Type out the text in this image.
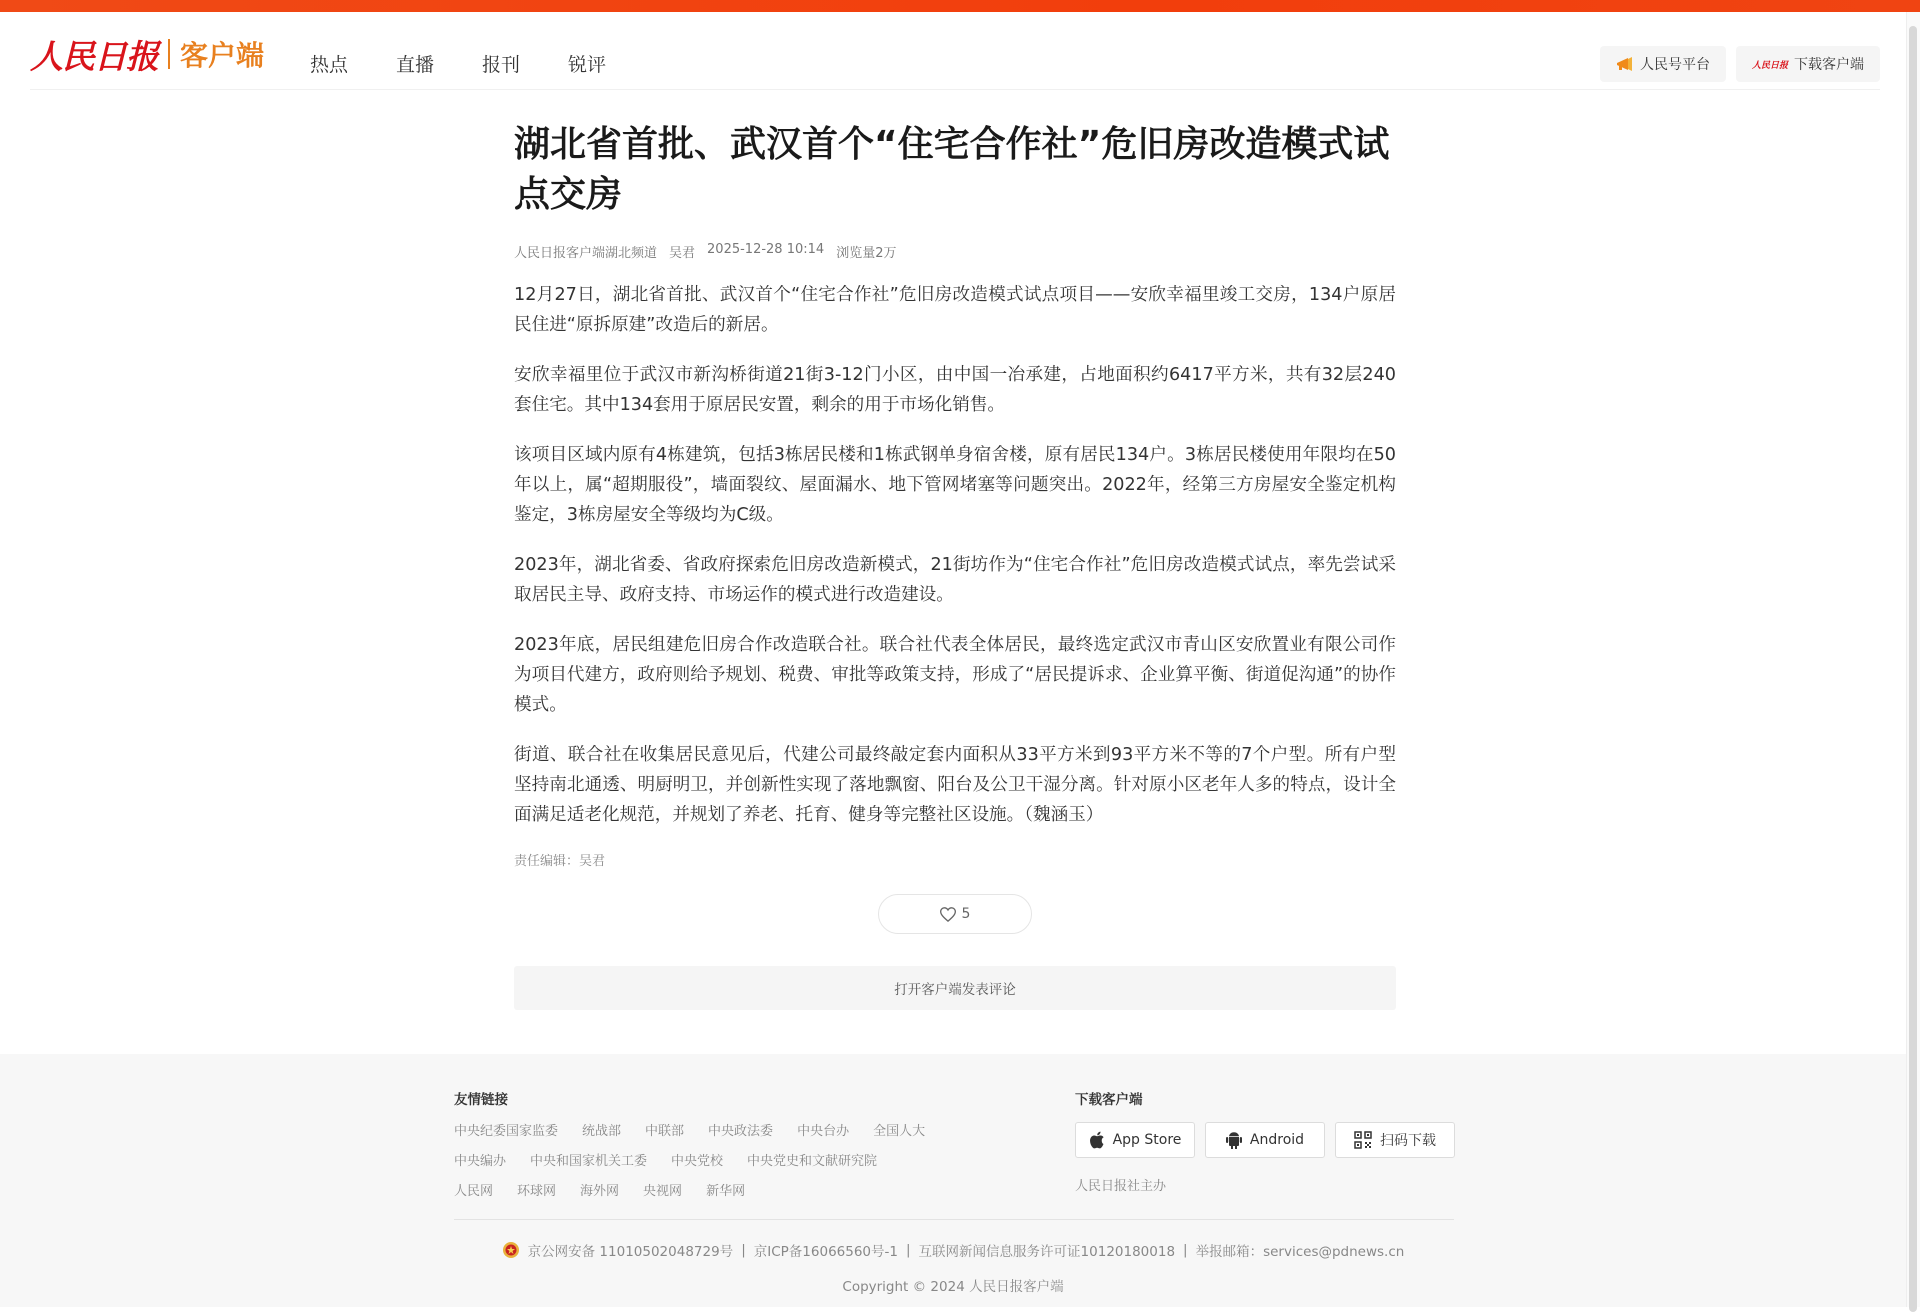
人民日报 客户端 热点	直播	报刊	锐评	人民号平台	人民日报 下载客户端
湖北省首批、武汉首个“住宅合作社”危旧房改造模式试点交房
人民日报客户端湖北频道 吴君 2025-12-28 10:14 浏览量2万

12月27日，湖北省首批、武汉首个“住宅合作社”危旧房改造模式试点项目——安欣幸福里竣工交房，134户原居民住进“原拆原建”改造后的新居。

安欣幸福里位于武汉市新沟桥街道21街3-12门小区，由中国一冶承建，占地面积约6417平方米，共有32层240套住宅。其中134套用于原居民安置，剩余的用于市场化销售。

该项目区域内原有4栋建筑，包括3栋居民楼和1栋武钢单身宿舍楼，原有居民134户。3栋居民楼使用年限均在50年以上，属“超期服役”，墙面裂纹、屋面漏水、地下管网堵塞等问题突出。2022年，经第三方房屋安全鉴定机构鉴定，3栋房屋安全等级均为C级。

2023年，湖北省委、省政府探索危旧房改造新模式，21街坊作为“住宅合作社”危旧房改造模式试点，率先尝试采取居民主导、政府支持、市场运作的模式进行改造建设。

2023年底，居民组建危旧房合作改造联合社。联合社代表全体居民，最终选定武汉市青山区安欣置业有限公司作为项目代建方，政府则给予规划、税费、审批等政策支持，形成了“居民提诉求、企业算平衡、街道促沟通”的协作模式。

街道、联合社在收集居民意见后，代建公司最终敲定套内面积从33平方米到93平方米不等的7个户型。所有户型坚持南北通透、明厨明卫，并创新性实现了落地飘窗、阳台及公卫干湿分离。针对原小区老年人多的特点，设计全面满足适老化规范，并规划了养老、托育、健身等完整社区设施。（魏涵玉）

责任编辑：吴君
5
打开客户端发表评论
友情链接
中央纪委国家监委 统战部 中联部 中央政法委 中央台办 全国人大
中央编办 中央和国家机关工委 中央党校 中央党史和文献研究院
人民网 环球网 海外网 央视网 新华网
下载客户端
App Store	Android	扫码下载
人民日报社主办
京公网安备 11010502048729号 | 京ICP备16066560号-1 | 互联网新闻信息服务许可证10120180018 | 举报邮箱：services@pdnews.cn
Copyright © 2024 人民日报客户端
